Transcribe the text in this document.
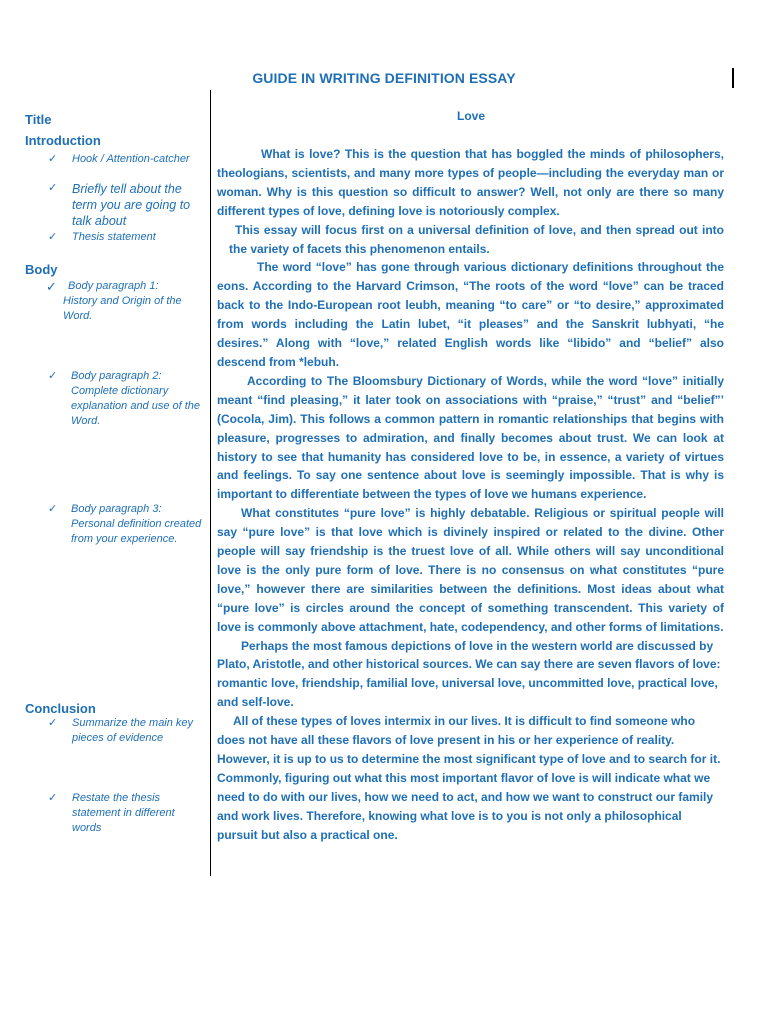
GUIDE IN WRITING DEFINITION ESSAY
Title
Introduction
✓ Hook / Attention-catcher
✓ Briefly tell about the term you are going to talk about
✓ Thesis statement
Body
✓ Body paragraph 1:
History and Origin of the Word.
✓ Body paragraph 2:
Complete dictionary explanation and use of the Word.
✓ Body paragraph 3:
Personal definition created from your experience.
Conclusion
✓ Summarize the main key pieces of evidence
✓ Restate the thesis statement in different words
Love

What is love? This is the question that has boggled the minds of philosophers, theologians, scientists, and many more types of people—including the everyday man or woman. Why is this question so difficult to answer? Well, not only are there so many different types of love, defining love is notoriously complex.

This essay will focus first on a universal definition of love, and then spread out into the variety of facets this phenomenon entails.

The word “love” has gone through various dictionary definitions throughout the eons. According to the Harvard Crimson, “The roots of the word “love” can be traced back to the Indo-European root leubh, meaning “to care” or “to desire,” approximated from words including the Latin lubet, “it pleases” and the Sanskrit lubhyati, “he desires.” Along with “love,” related English words like “libido” and “belief” also descend from *lebuh.

According to The Bloomsbury Dictionary of Words, while the word “love” initially meant “find pleasing,” it later took on associations with “praise,” “trust” and “belief”’ (Cocola, Jim). This follows a common pattern in romantic relationships that begins with pleasure, progresses to admiration, and finally becomes about trust. We can look at history to see that humanity has considered love to be, in essence, a variety of virtues and feelings. To say one sentence about love is seemingly impossible. That is why is important to differentiate between the types of love we humans experience.

What constitutes “pure love” is highly debatable. Religious or spiritual people will say “pure love” is that love which is divinely inspired or related to the divine. Other people will say friendship is the truest love of all. While others will say unconditional love is the only pure form of love. There is no consensus on what constitutes “pure love,” however there are similarities between the definitions. Most ideas about what “pure love” is circles around the concept of something transcendent. This variety of love is commonly above attachment, hate, codependency, and other forms of limitations.

Perhaps the most famous depictions of love in the western world are discussed by Plato, Aristotle, and other historical sources. We can say there are seven flavors of love: romantic love, friendship, familial love, universal love, uncommitted love, practical love, and self-love.

All of these types of loves intermix in our lives. It is difficult to find someone who does not have all these flavors of love present in his or her experience of reality. However, it is up to us to determine the most significant type of love and to search for it. Commonly, figuring out what this most important flavor of love is will indicate what we need to do with our lives, how we need to act, and how we want to construct our family and work lives. Therefore, knowing what love is to you is not only a philosophical pursuit but also a practical one.
